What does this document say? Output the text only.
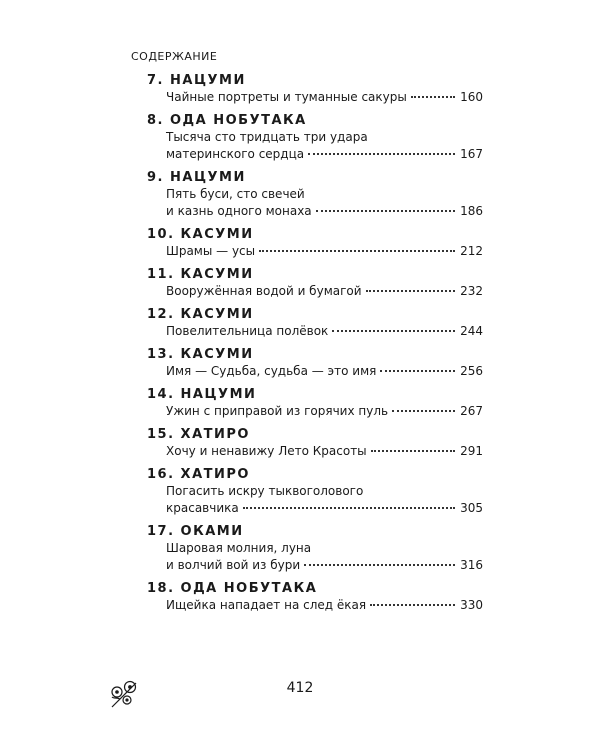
СОДЕРЖАНИЕ
7. НАЦУМИ
Чайные портреты и туманные сакуры	160
8. ОДА НОБУТАКА
Тысяча сто тридцать три удара
материнского сердца	167
9. НАЦУМИ
Пять буси, сто свечей
и казнь одного монаха	186
10. КАСУМИ
Шрамы — усы	212
11. КАСУМИ
Вооружённая водой и бумагой	232
12. КАСУМИ
Повелительница полёвок	244
13. КАСУМИ
Имя — Судьба, судьба — это имя	256
14. НАЦУМИ
Ужин с приправой из горячих пуль	267
15. ХАТИРО
Хочу и ненавижу Лето Красоты	291
16. ХАТИРО
Погасить искру тыквоголового
красавчика	305
17. ОКАМИ
Шаровая молния, луна
и волчий вой из бури	316
18. ОДА НОБУТАКА
Ищейка нападает на след ёкая	330
412
